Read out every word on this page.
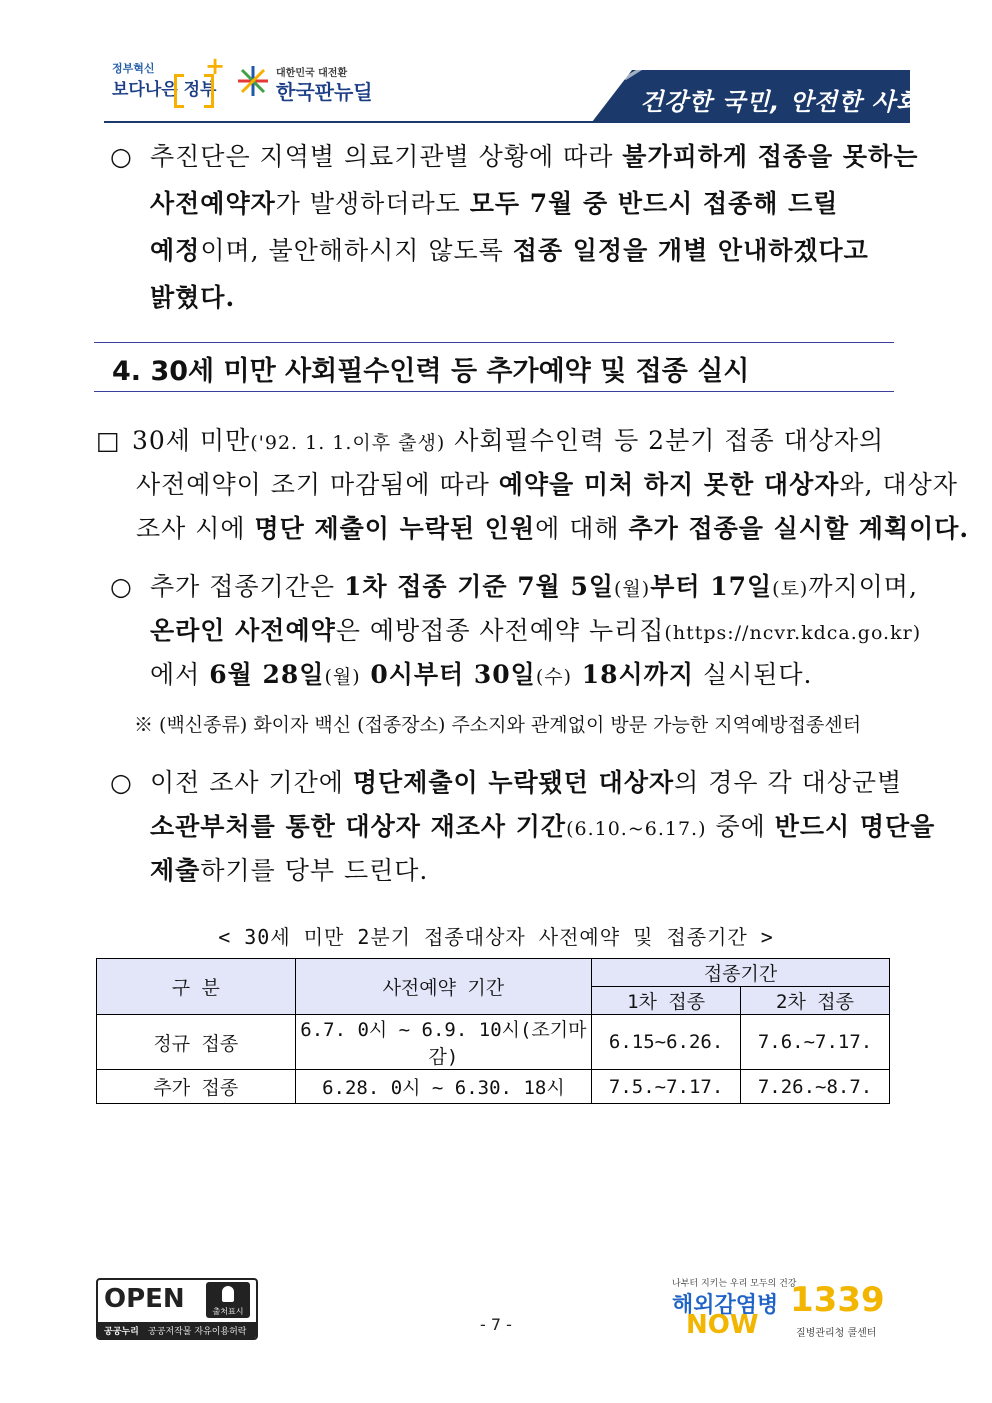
정부혁신
보다나은 정부
+	대한민국 대전환
한국판뉴딜	건강한 국민, 안전한 사회
○ 추진단은 지역별 의료기관별 상황에 따라 불가피하게 접종을 못하는
사전예약자가 발생하더라도 모두 7월 중 반드시 접종해 드릴
예정이며, 불안해하시지 않도록 접종 일정을 개별 안내하겠다고
밝혔다.
4. 30세 미만 사회필수인력 등 추가예약 및 접종 실시
□ 30세 미만('92. 1. 1.이후 출생) 사회필수인력 등 2분기 접종 대상자의
사전예약이 조기 마감됨에 따라 예약을 미처 하지 못한 대상자와, 대상자
조사 시에 명단 제출이 누락된 인원에 대해 추가 접종을 실시할 계획이다.
○ 추가 접종기간은 1차 접종 기준 7월 5일(월)부터 17일(토)까지이며,
온라인 사전예약은 예방접종 사전예약 누리집(https://ncvr.kdca.go.kr)
에서 6월 28일(월) 0시부터 30일(수) 18시까지 실시된다.
※ (백신종류) 화이자 백신 (접종장소) 주소지와 관계없이 방문 가능한 지역예방접종센터
○ 이전 조사 기간에 명단제출이 누락됐던 대상자의 경우 각 대상군별
소관부처를 통한 대상자 재조사 기간(6.10.~6.17.) 중에 반드시 명단을
제출하기를 당부 드린다.
< 30세 미만 2분기 접종대상자 사전예약 및 접종기간 >
구 분	사전예약 기간	접종기간	
		1차 접종	2차 접종
정규 접종	6.7. 0시 ~ 6.9. 10시(조기마감)	6.15~6.26.	7.6.~7.17.
추가 접종	6.28. 0시 ~ 6.30. 18시	7.5.~7.17.	7.26.~8.7.
OPEN	출처표시
공공누리 공공저작물 자유이용허락	- 7 -
나부터 지키는 우리 모두의 건강
해외감염병
NOW
1339
질병관리청 콜센터
